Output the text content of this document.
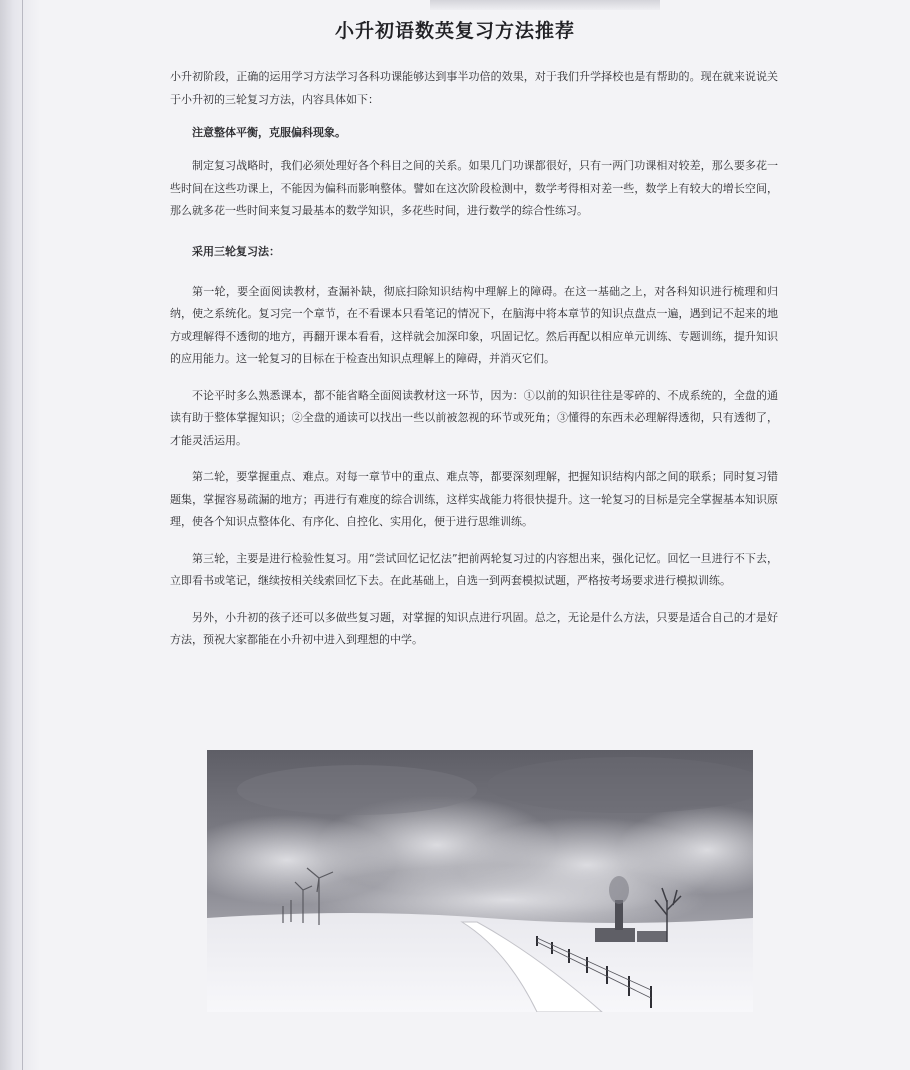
小升初语数英复习方法推荐

小升初阶段，正确的运用学习方法学习各科功课能够达到事半功倍的效果，对于我们升学择校也是有帮助的。现在就来说说关于小升初的三轮复习方法，内容具体如下：

注意整体平衡，克服偏科现象。

制定复习战略时，我们必须处理好各个科目之间的关系。如果几门功课都很好，只有一两门功课相对较差，那么要多花一些时间在这些功课上，不能因为偏科而影响整体。譬如在这次阶段检测中，数学考得相对差一些，数学上有较大的增长空间，那么就多花一些时间来复习最基本的数学知识，多花些时间，进行数学的综合性练习。

采用三轮复习法：

第一轮，要全面阅读教材，查漏补缺，彻底扫除知识结构中理解上的障碍。在这一基础之上，对各科知识进行梳理和归纳，使之系统化。复习完一个章节，在不看课本只看笔记的情况下，在脑海中将本章节的知识点盘点一遍，遇到记不起来的地方或理解得不透彻的地方，再翻开课本看看，这样就会加深印象，巩固记忆。然后再配以相应单元训练、专题训练，提升知识的应用能力。这一轮复习的目标在于检查出知识点理解上的障碍，并消灭它们。

不论平时多么熟悉课本，都不能省略全面阅读教材这一环节，因为：①以前的知识往往是零碎的、不成系统的，全盘的通读有助于整体掌握知识；②全盘的通读可以找出一些以前被忽视的环节或死角；③懂得的东西未必理解得透彻，只有透彻了，才能灵活运用。

第二轮，要掌握重点、难点。对每一章节中的重点、难点等，都要深刻理解，把握知识结构内部之间的联系；同时复习错题集，掌握容易疏漏的地方；再进行有难度的综合训练，这样实战能力将很快提升。这一轮复习的目标是完全掌握基本知识原理，使各个知识点整体化、有序化、自控化、实用化，便于进行思维训练。

第三轮，主要是进行检验性复习。用“尝试回忆记忆法”把前两轮复习过的内容想出来，强化记忆。回忆一旦进行不下去，立即看书或笔记，继续按相关线索回忆下去。在此基础上，自选一到两套模拟试题，严格按考场要求进行模拟训练。

另外，小升初的孩子还可以多做些复习题，对掌握的知识点进行巩固。总之，无论是什么方法，只要是适合自己的才是好方法，预祝大家都能在小升初中进入到理想的中学。
